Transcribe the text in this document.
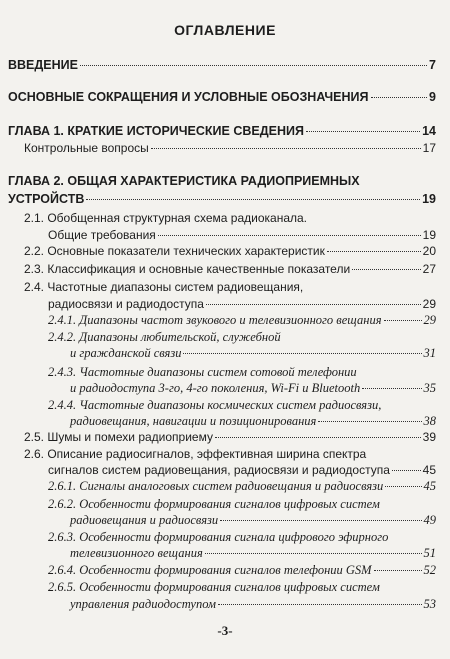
ОГЛАВЛЕНИЕ
ВВЕДЕНИЕ	7
ОСНОВНЫЕ СОКРАЩЕНИЯ И УСЛОВНЫЕ ОБОЗНАЧЕНИЯ	9
ГЛАВА 1. КРАТКИЕ ИСТОРИЧЕСКИЕ СВЕДЕНИЯ	14
Контрольные вопросы	17
ГЛАВА 2. ОБЩАЯ ХАРАКТЕРИСТИКА РАДИОПРИЕМНЫХ
УСТРОЙСТВ	19
2.1. Обобщенная структурная схема радиоканала.
Общие требования	19
2.2. Основные показатели технических характеристик	20
2.3. Классификация и основные качественные показатели	27
2.4. Частотные диапазоны систем радиовещания,
радиосвязи и радиодоступа	29
2.4.1. Диапазоны частот звукового и телевизионного вещания	29
2.4.2. Диапазоны любительской, служебной
и гражданской связи	31
2.4.3. Частотные диапазоны систем сотовой телефонии
и радиодоступа 3-го, 4-го поколения, Wi-Fi и Bluetooth	35
2.4.4. Частотные диапазоны космических систем радиосвязи,
радиовещания, навигации и позиционирования	38
2.5. Шумы и помехи радиоприему	39
2.6. Описание радиосигналов, эффективная ширина спектра
сигналов систем радиовещания, радиосвязи и радиодоступа	45
2.6.1. Сигналы аналоговых систем радиовещания и радиосвязи	45
2.6.2. Особенности формирования сигналов цифровых систем
радиовещания и радиосвязи	49
2.6.3. Особенности формирования сигнала цифрового эфирного
телевизионного вещания	51
2.6.4. Особенности формирования сигналов телефонии GSM	52
2.6.5. Особенности формирования сигналов цифровых систем
управления радиодоступом	53
-3-
